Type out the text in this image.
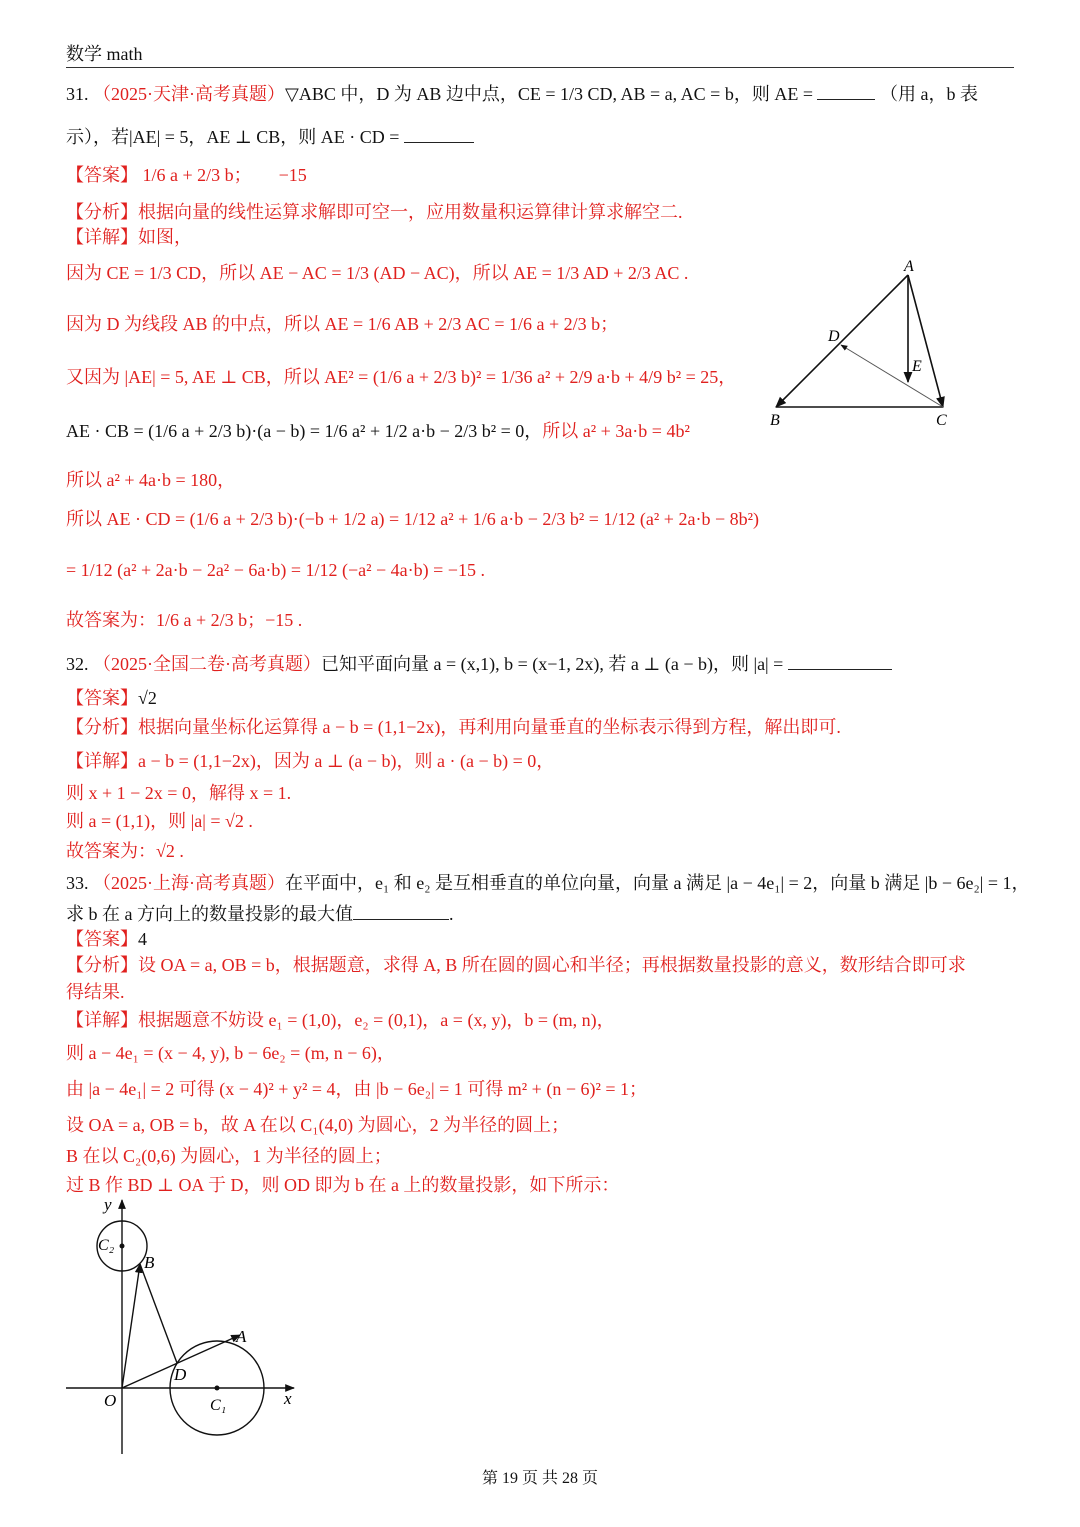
数学 math
31. （2025·天津·高考真题）▽ABC 中，D 为 AB 边中点，CE = 1/3 CD, AB = a, AC = b，则 AE =	（用 a，b 表
示），若|AE| = 5，AE ⊥ CB，则 AE · CD =
【答案】 1/6 a + 2/3 b；　　−15
【分析】根据向量的线性运算求解即可空一，应用数量积运算律计算求解空二.
【详解】如图，
因为 CE = 1/3 CD，所以 AE − AC = 1/3 (AD − AC)，所以 AE = 1/3 AD + 2/3 AC .
因为 D 为线段 AB 的中点，所以 AE = 1/6 AB + 2/3 AC = 1/6 a + 2/3 b；
又因为 |AE| = 5, AE ⊥ CB，所以 AE² = (1/6 a + 2/3 b)² = 1/36 a² + 2/9 a·b + 4/9 b² = 25，
AE · CB = (1/6 a + 2/3 b)·(a − b) = 1/6 a² + 1/2 a·b − 2/3 b² = 0，所以 a² + 3a·b = 4b²
所以 a² + 4a·b = 180，
所以 AE · CD = (1/6 a + 2/3 b)·(−b + 1/2 a) = 1/12 a² + 1/6 a·b − 2/3 b² = 1/12 (a² + 2a·b − 8b²)
= 1/12 (a² + 2a·b − 2a² − 6a·b) = 1/12 (−a² − 4a·b) = −15 .
故答案为：1/6 a + 2/3 b；−15 .
A
B	C
D
E
32. （2025·全国二卷·高考真题）已知平面向量 a = (x,1), b = (x−1, 2x), 若 a ⊥ (a − b)，则 |a| =
【答案】√2
【分析】根据向量坐标化运算得 a − b = (1,1−2x)，再利用向量垂直的坐标表示得到方程，解出即可.
【详解】a − b = (1,1−2x)，因为 a ⊥ (a − b)，则 a · (a − b) = 0，
则 x + 1 − 2x = 0，解得 x = 1.
则 a = (1,1)，则 |a| = √2 .
故答案为：√2 .
33. （2025·上海·高考真题）在平面中，e₁ 和 e₂ 是互相垂直的单位向量，向量 a 满足 |a − 4e₁| = 2，向量 b 满足 |b − 6e₂| = 1，
求 b 在 a 方向上的数量投影的最大值	.
【答案】4
【分析】设 OA = a, OB = b，根据题意，求得 A, B 所在圆的圆心和半径；再根据数量投影的意义，数形结合即可求
得结果.
【详解】根据题意不妨设 e₁ = (1,0)，e₂ = (0,1)，a = (x, y)，b = (m, n)，
则 a − 4e₁ = (x − 4, y), b − 6e₂ = (m, n − 6)，
由 |a − 4e₁| = 2 可得 (x − 4)² + y² = 4，由 |b − 6e₂| = 1 可得 m² + (n − 6)² = 1；
设 OA = a, OB = b，故 A 在以 C₁(4,0) 为圆心，2 为半径的圆上；
B 在以 C₂(0,6) 为圆心，1 为半径的圆上；
过 B 作 BD ⊥ OA 于 D，则 OD 即为 b 在 a 上的数量投影，如下所示：
y
x
O
A
B
D
C₁
C₂
第 19 页 共 28 页
